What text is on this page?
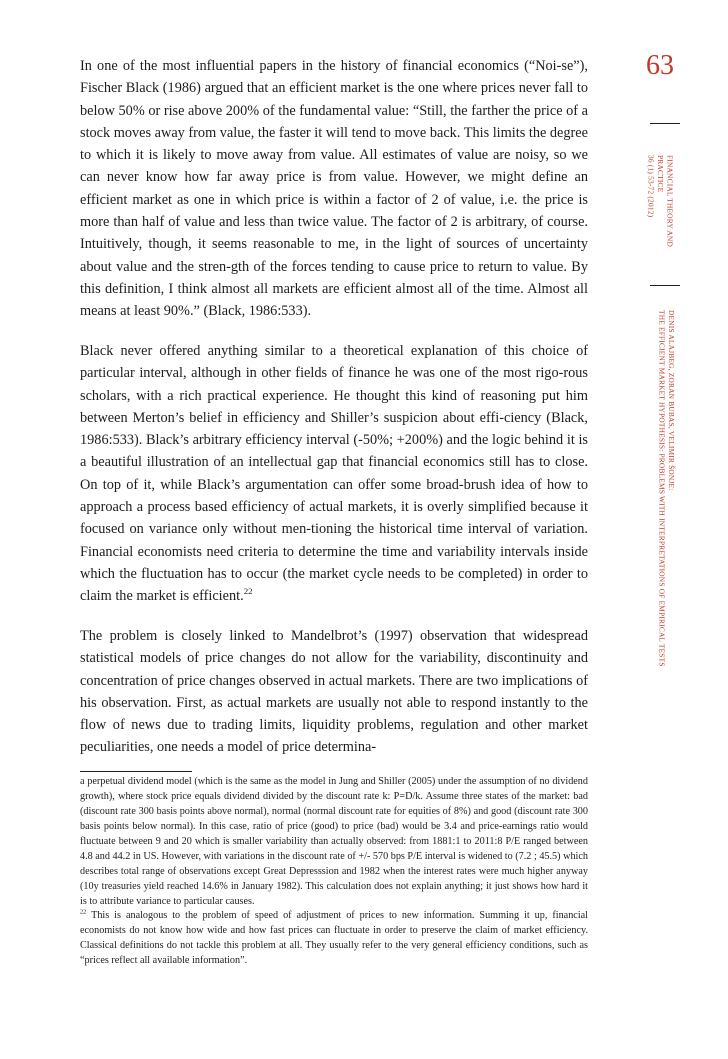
In one of the most influential papers in the history of financial economics (“Noi-se”), Fischer Black (1986) argued that an efficient market is the one where prices never fall to below 50% or rise above 200% of the fundamental value: “Still, the farther the price of a stock moves away from value, the faster it will tend to move back. This limits the degree to which it is likely to move away from value. All estimates of value are noisy, so we can never know how far away price is from value. However, we might define an efficient market as one in which price is within a factor of 2 of value, i.e. the price is more than half of value and less than twice value. The factor of 2 is arbitrary, of course. Intuitively, though, it seems reasonable to me, in the light of sources of uncertainty about value and the stren-gth of the forces tending to cause price to return to value. By this definition, I think almost all markets are efficient almost all of the time. Almost all means at least 90%.” (Black, 1986:533).

Black never offered anything similar to a theoretical explanation of this choice of particular interval, although in other fields of finance he was one of the most rigo-rous scholars, with a rich practical experience. He thought this kind of reasoning put him between Merton’s belief in efficiency and Shiller’s suspicion about effi-ciency (Black, 1986:533). Black’s arbitrary efficiency interval (-50%; +200%) and the logic behind it is a beautiful illustration of an intellectual gap that financial economics still has to close. On top of it, while Black’s argumentation can offer some broad-brush idea of how to approach a process based efficiency of actual markets, it is overly simplified because it focused on variance only without men-tioning the historical time interval of variation. Financial economists need criteria to determine the time and variability intervals inside which the fluctuation has to occur (the market cycle needs to be completed) in order to claim the market is efficient.$^{22}$

The problem is closely linked to Mandelbrot’s (1997) observation that widespread statistical models of price changes do not allow for the variability, discontinuity and concentration of price changes observed in actual markets. There are two implications of his observation. First, as actual markets are usually not able to respond instantly to the flow of news due to trading limits, liquidity problems, regulation and other market peculiarities, one needs a model of price determina-

a perpetual dividend model (which is the same as the model in Jung and Shiller (2005) under the assumption of no dividend growth), where stock price equals dividend divided by the discount rate k: P=D/k. Assume three states of the market: bad (discount rate 300 basis points above normal), normal (normal discount rate for equities of 8%) and good (discount rate 300 basis points below normal). In this case, ratio of price (good) to price (bad) would be 3.4 and price-earnings ratio would fluctuate between 9 and 20 which is smaller variability than actually observed: from 1881:1 to 2011:8 P/E ranged between 4.8 and 44.2 in US. However, with variations in the discount rate of +/- 570 bps P/E interval is widened to (7.2 ; 45.5) which describes total range of observations except Great Depresssion and 1982 when the interest rates were much higher anyway (10y treasuries yield reached 14.6% in January 1982). This calculation does not explain anything; it just shows how hard it is to attribute variance to particular causes.

$^{22}$ This is analogous to the problem of speed of adjustment of prices to new information. Summing it up, financial economists do not know how wide and how fast prices can fluctuate in order to preserve the claim of market efficiency. Classical definitions do not tackle this problem at all. They usually refer to the very general efficiency conditions, such as “prices reflect all available information”.

63
FINANCIAL THEORY AND
PRACTICE
36 (1) 53-72 (2012)
DENIS ALAJBEG, ZORAN BUBAS, VELIMIR ŠONJE:
THE EFFICIENT MARKET HYPOTHESIS: PROBLEMS WITH INTERPRETATIONS OF EMPIRICAL TESTS
